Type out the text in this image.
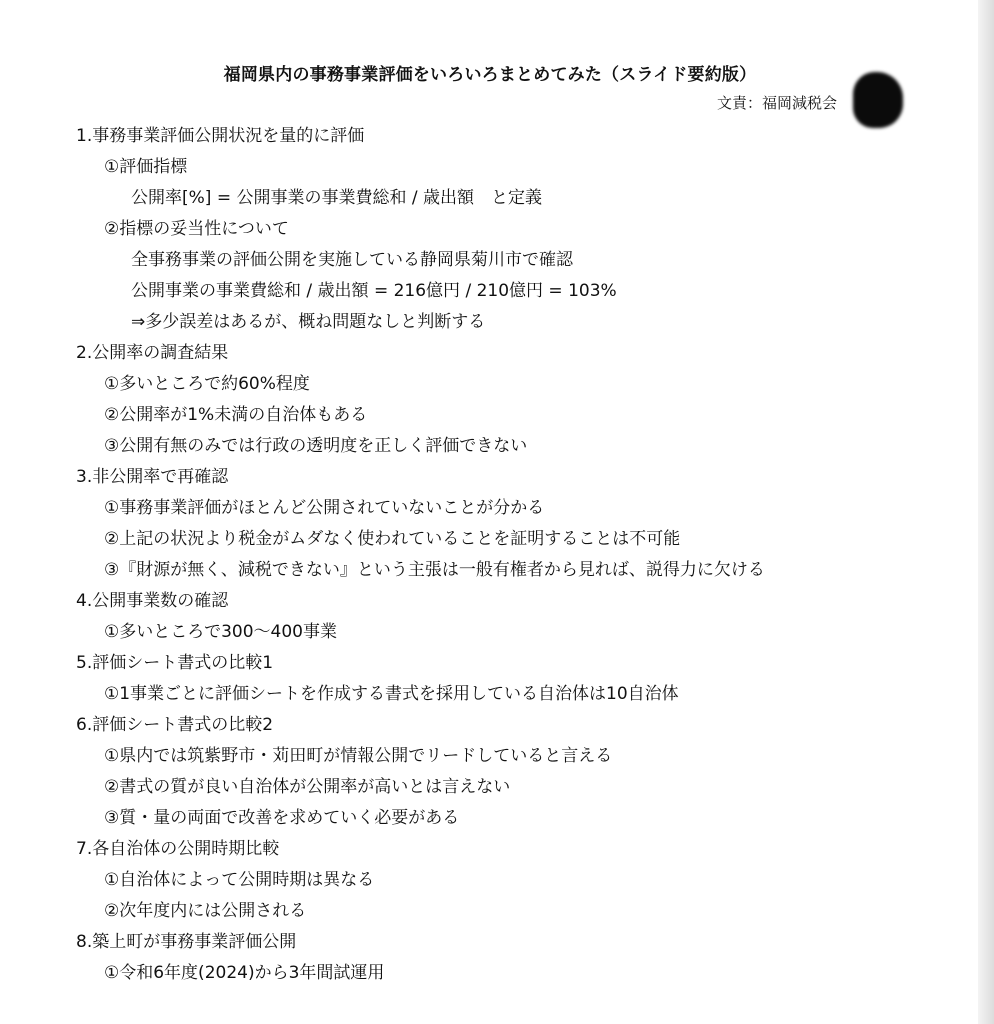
福岡県内の事務事業評価をいろいろまとめてみた（スライド要約版）
文責：福岡減税会
1.事務事業評価公開状況を量的に評価
①評価指標
公開率[%] = 公開事業の事業費総和 / 歳出額　と定義
②指標の妥当性について
全事務事業の評価公開を実施している静岡県菊川市で確認
公開事業の事業費総和 / 歳出額 = 216億円 / 210億円 = 103%
⇒多少誤差はあるが、概ね問題なしと判断する
2.公開率の調査結果
①多いところで約60%程度
②公開率が1%未満の自治体もある
③公開有無のみでは行政の透明度を正しく評価できない
3.非公開率で再確認
①事務事業評価がほとんど公開されていないことが分かる
②上記の状況より税金がムダなく使われていることを証明することは不可能
③『財源が無く、減税できない』という主張は一般有権者から見れば、説得力に欠ける
4.公開事業数の確認
①多いところで300～400事業
5.評価シート書式の比較1
①1事業ごとに評価シートを作成する書式を採用している自治体は10自治体
6.評価シート書式の比較2
①県内では筑紫野市・苅田町が情報公開でリードしていると言える
②書式の質が良い自治体が公開率が高いとは言えない
③質・量の両面で改善を求めていく必要がある
7.各自治体の公開時期比較
①自治体によって公開時期は異なる
②次年度内には公開される
8.築上町が事務事業評価公開
①令和6年度(2024)から3年間試運用
